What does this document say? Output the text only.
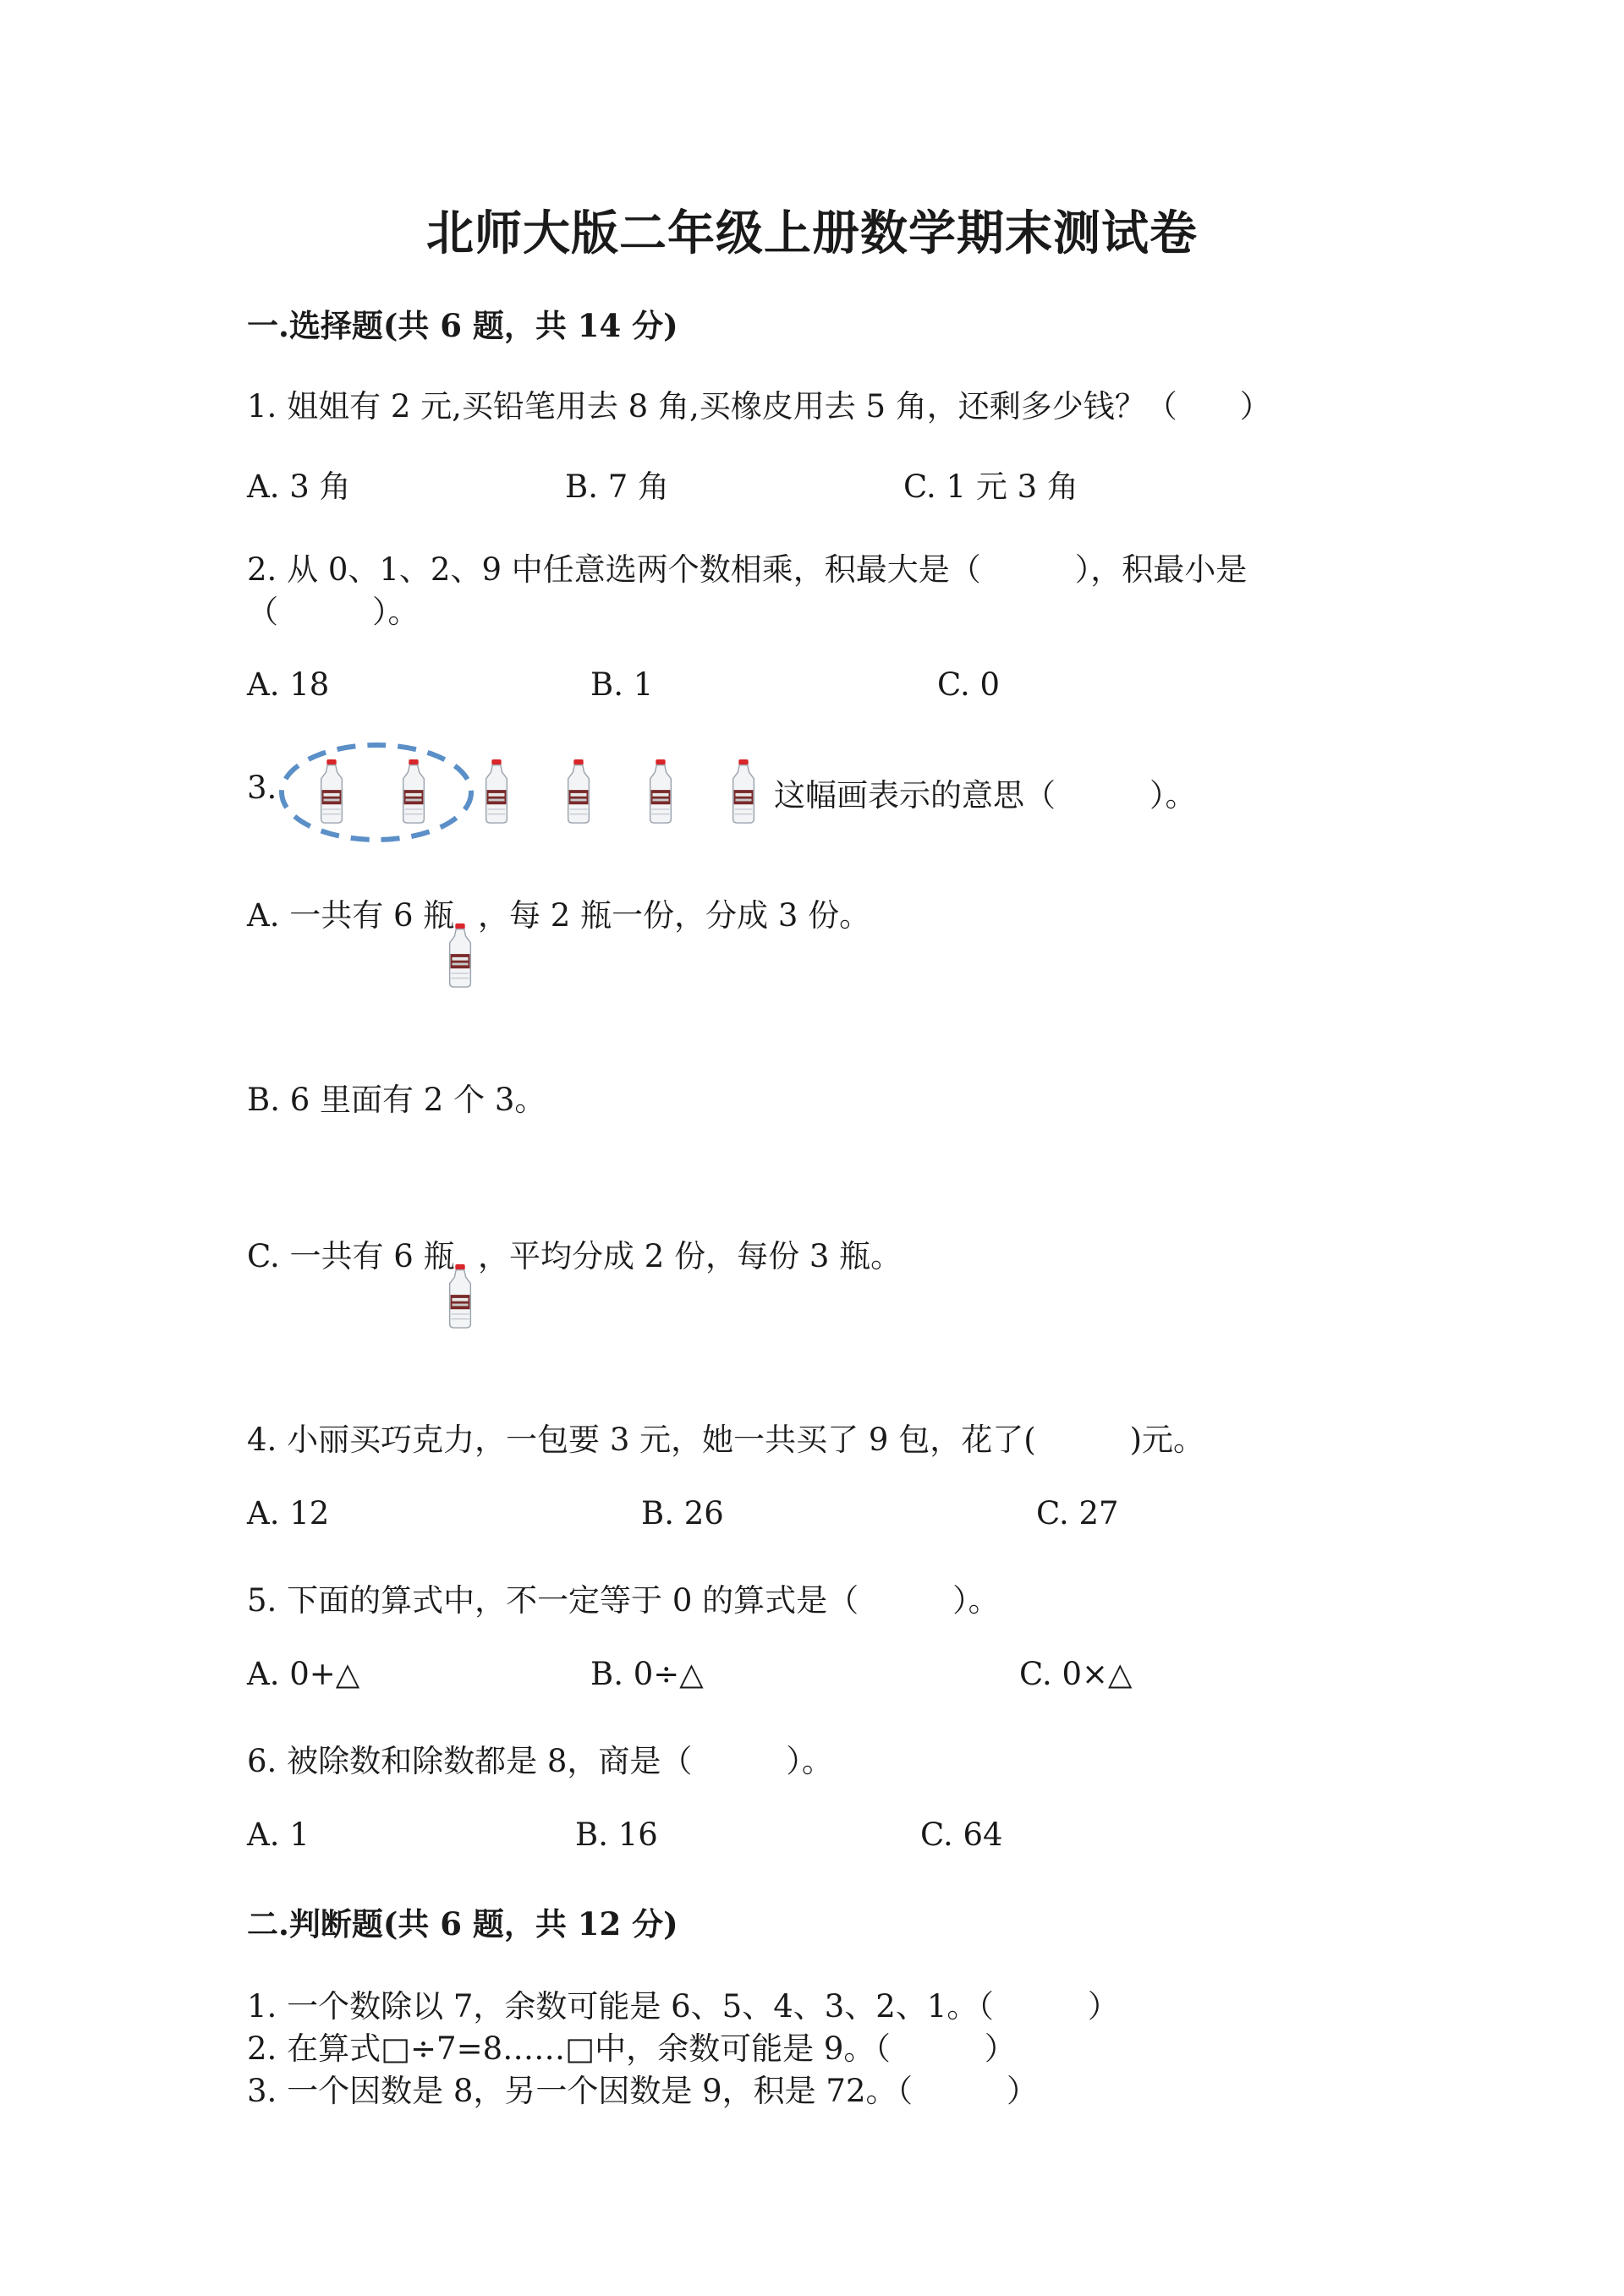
北师大版二年级上册数学期末测试卷
一.选择题(共 6 题，共 14 分)
1. 姐姐有 2 元,买铅笔用去 8 角,买橡皮用去 5 角，还剩多少钱？（　　）
A. 3 角	B. 7 角	C. 1 元 3 角
2. 从 0、1、2、9 中任意选两个数相乘，积最大是（　　　），积最小是
（　　　）。
A. 18	B. 1	C. 0
3.	这幅画表示的意思（　　　）。
A. 一共有 6 瓶 ，每 2 瓶一份，分成 3 份。
B. 6 里面有 2 个 3。
C. 一共有 6 瓶 ，平均分成 2 份，每份 3 瓶。
4. 小丽买巧克力，一包要 3 元，她一共买了 9 包，花了(　　　)元。
A. 12	B. 26	C. 27
5. 下面的算式中，不一定等于 0 的算式是（　　　）。
A. 0+△	B. 0÷△	C. 0×△
6. 被除数和除数都是 8，商是（　　　）。
A. 1	B. 16	C. 64
二.判断题(共 6 题，共 12 分)
1. 一个数除以 7，余数可能是 6、5、4、3、2、1。（　　　）
2. 在算式□÷7=8……□中，余数可能是 9。（　　　）
3. 一个因数是 8，另一个因数是 9，积是 72。（　　　）
